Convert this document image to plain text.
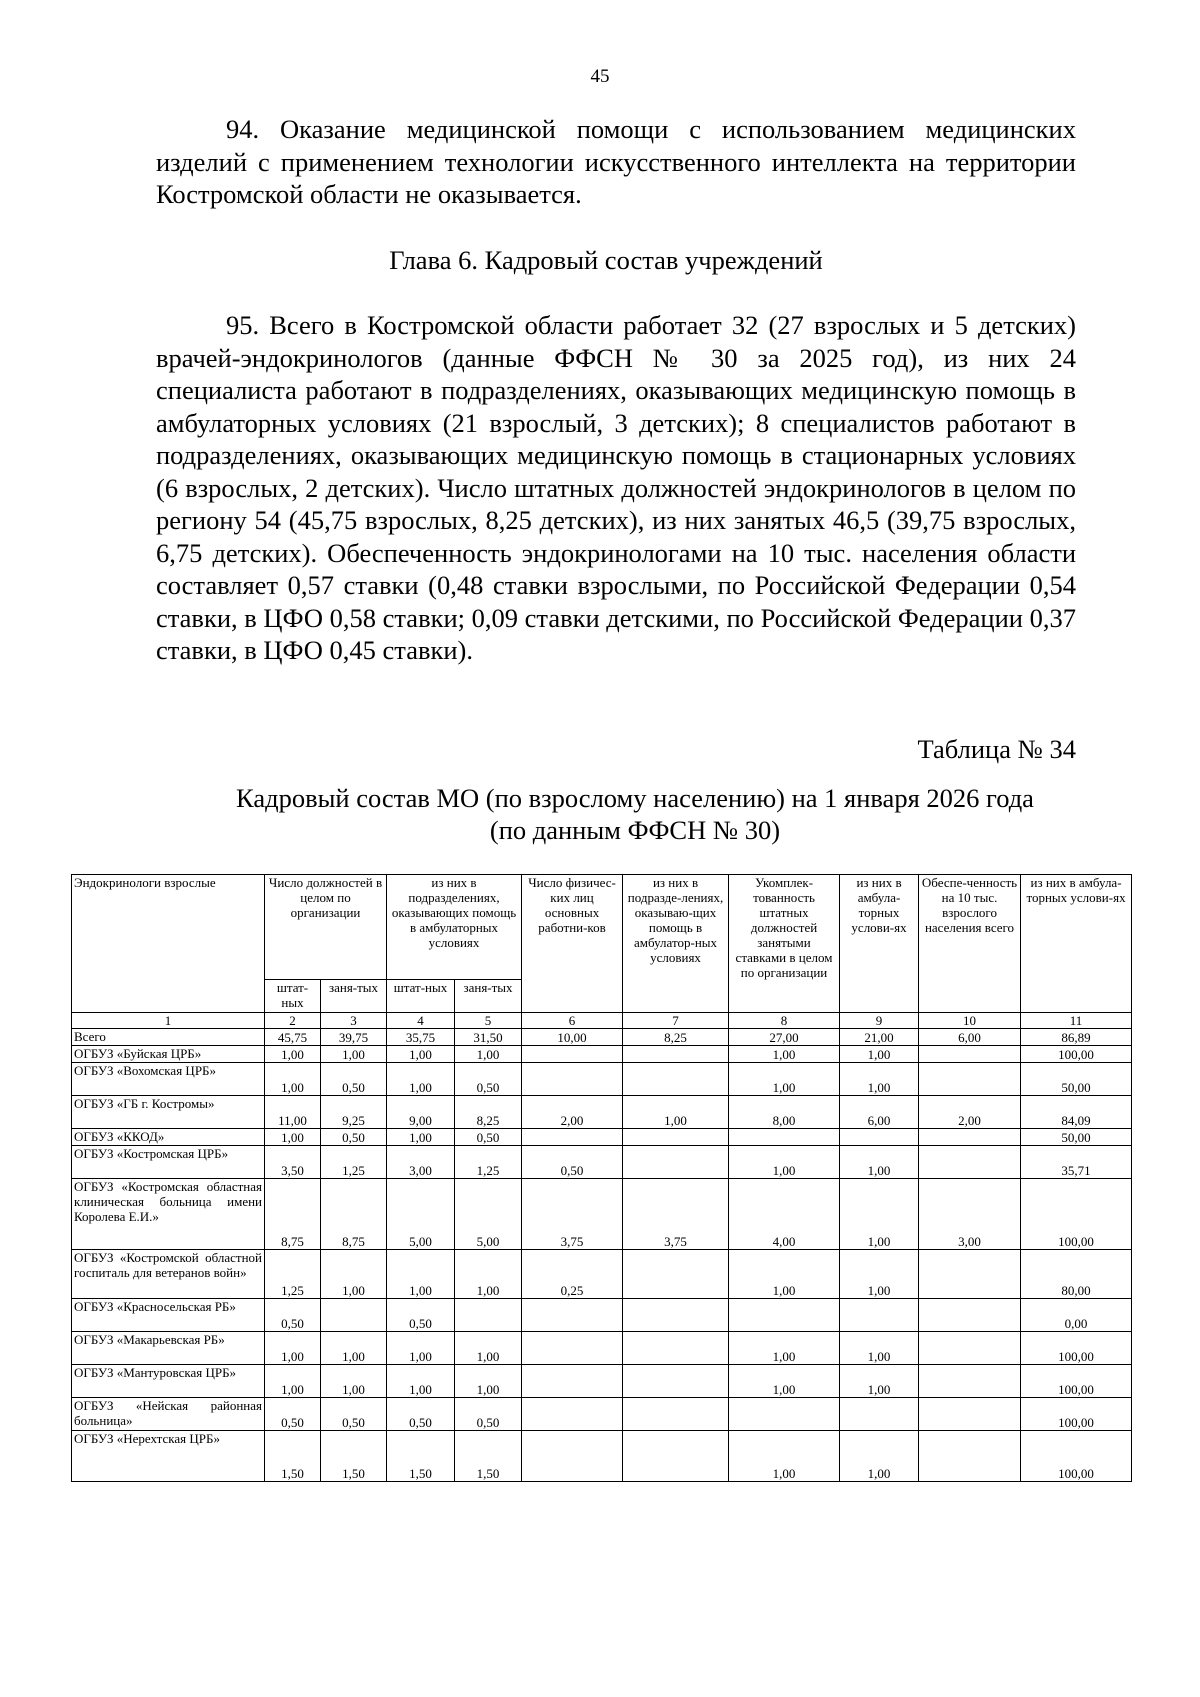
45

94. Оказание медицинской помощи с использованием медицинских изделий с применением технологии искусственного интеллекта на территории Костромской области не оказывается.

Глава 6. Кадровый состав учреждений

95. Всего в Костромской области работает 32 (27 взрослых и 5 детских) врачей-эндокринологов (данные ФФСН № 30 за 2025 год), из них 24 специалиста работают в подразделениях, оказывающих медицинскую помощь в амбулаторных условиях (21 взрослый, 3 детских); 8 специалистов работают в подразделениях, оказывающих медицинскую помощь в стационарных условиях (6 взрослых, 2 детских). Число штатных должностей эндокринологов в целом по региону 54 (45,75 взрослых, 8,25 детских), из них занятых 46,5 (39,75 взрослых, 6,75 детских). Обеспеченность эндокринологами на 10 тыс. населения области составляет 0,57 ставки (0,48 ставки взрослыми, по Российской Федерации 0,54 ставки, в ЦФО 0,58 ставки; 0,09 ставки детскими, по Российской Федерации 0,37 ставки, в ЦФО 0,45 ставки).

Таблица № 34
Кадровый состав МО (по взрослому населению) на 1 января 2026 года
(по данным ФФСН № 30)
Эндокринологи взрослые	Число должностей в целом по организации		из них в подразделениях, оказывающих помощь в амбулаторных условиях		Число физичес-ких лиц основных работни-ков	из них в подразде-лениях, оказываю-щих помощь в амбулатор-ных условиях	Укомплек-тованность штатных должностей занятыми ставками в целом по организации	из них в амбула-торных услови-ях	Обеспе-ченность на 10 тыс. взрослого населения всего	из них в амбула-торных услови-ях
	штат-ных	заня-тых	штат-ных	заня-тых						
1	2	3	4	5	6	7	8	9	10	11
Всего	45,75	39,75	35,75	31,50	10,00	8,25	27,00	21,00	6,00	86,89
ОГБУЗ «Буйская ЦРБ»	1,00	1,00	1,00	1,00			1,00	1,00		100,00
ОГБУЗ «Вохомская ЦРБ»	1,00	0,50	1,00	0,50			1,00	1,00		50,00
ОГБУЗ «ГБ г. Костромы»	11,00	9,25	9,00	8,25	2,00	1,00	8,00	6,00	2,00	84,09
ОГБУЗ «ККОД»	1,00	0,50	1,00	0,50						50,00
ОГБУЗ «Костромская ЦРБ»	3,50	1,25	3,00	1,25	0,50		1,00	1,00		35,71
ОГБУЗ «Костромская областная клиническая больница имени Королева Е.И.»	8,75	8,75	5,00	5,00	3,75	3,75	4,00	1,00	3,00	100,00
ОГБУЗ «Костромской областной госпиталь для ветеранов войн»	1,25	1,00	1,00	1,00	0,25		1,00	1,00		80,00
ОГБУЗ «Красносельская РБ»	0,50		0,50							0,00
ОГБУЗ «Макарьевская РБ»	1,00	1,00	1,00	1,00			1,00	1,00		100,00
ОГБУЗ «Мантуровская ЦРБ»	1,00	1,00	1,00	1,00			1,00	1,00		100,00
ОГБУЗ «Нейская районная больница»	0,50	0,50	0,50	0,50						100,00
ОГБУЗ «Нерехтская ЦРБ»	1,50	1,50	1,50	1,50			1,00	1,00		100,00
